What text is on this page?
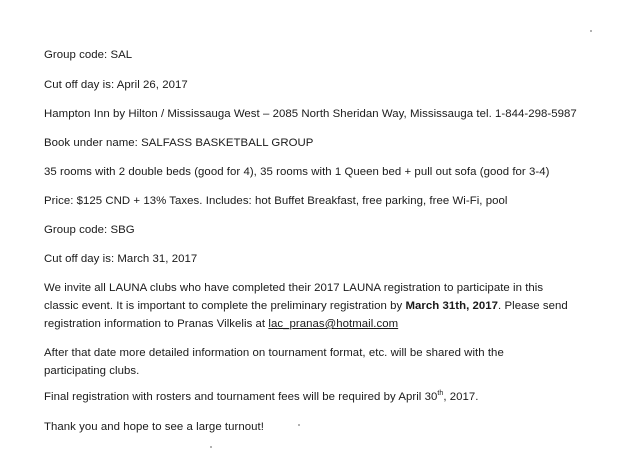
Group code: SAL
Cut off day is: April 26, 2017
Hampton Inn by Hilton / Mississauga West – 2085 North Sheridan Way, Mississauga tel. 1-844-298-5987
Book under name: SALFASS BASKETBALL GROUP
35 rooms with 2 double beds (good for 4), 35 rooms with 1 Queen bed + pull out sofa (good for 3-4)
Price: $125 CND + 13% Taxes. Includes: hot Buffet Breakfast, free parking, free Wi-Fi, pool
Group code: SBG
Cut off day is: March 31, 2017
We invite all LAUNA clubs who have completed their 2017 LAUNA registration to participate in this
classic event. It is important to complete the preliminary registration by March 31th, 2017. Please send
registration information to Pranas Vilkelis at lac_pranas@hotmail.com
After that date more detailed information on tournament format, etc. will be shared with the
participating clubs.
Final registration with rosters and tournament fees will be required by April 30th, 2017.
Thank you and hope to see a large turnout!
